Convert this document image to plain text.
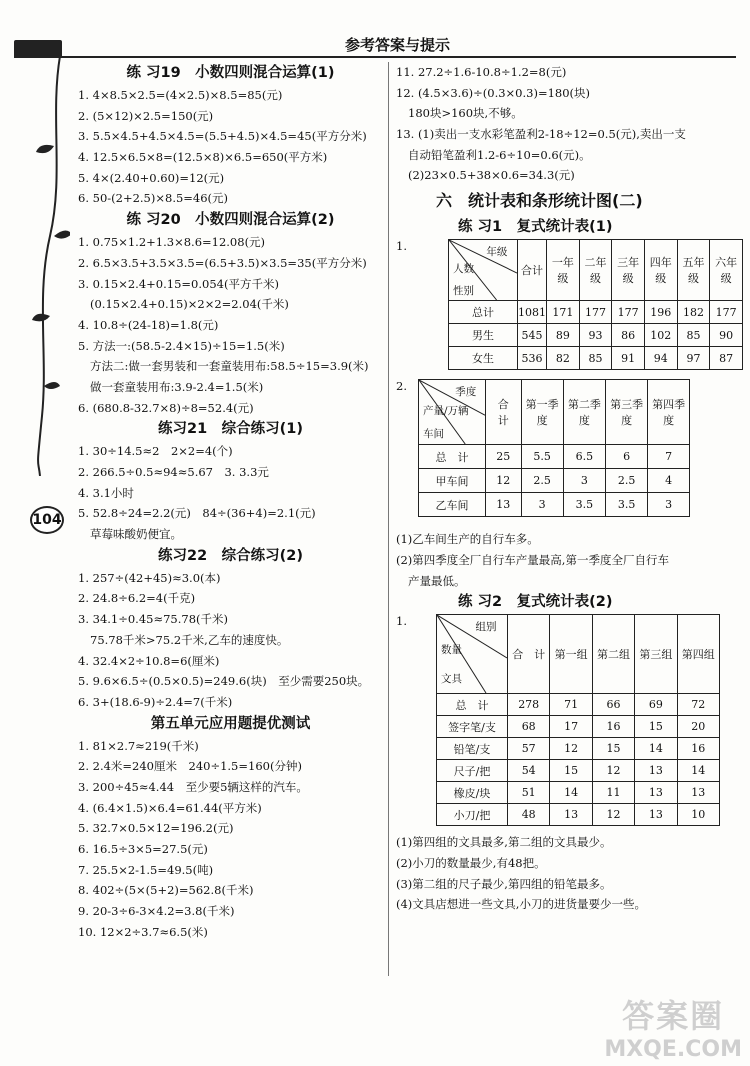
参考答案与提示
104
练 习19　小数四则混合运算(1)
1. 4×8.5×2.5=(4×2.5)×8.5=85(元)
2. (5×12)×2.5=150(元)
3. 5.5×4.5+4.5×4.5=(5.5+4.5)×4.5=45(平方分米)
4. 12.5×6.5×8=(12.5×8)×6.5=650(平方米)
5. 4×(2.40+0.60)=12(元)
6. 50-(2+2.5)×8.5=46(元)
练 习20　小数四则混合运算(2)
1. 0.75×1.2+1.3×8.6=12.08(元)
2. 6.5×3.5+3.5×3.5=(6.5+3.5)×3.5=35(平方分米)
3. 0.15×2.4+0.15=0.054(平方千米)
(0.15×2.4+0.15)×2×2=2.04(千米)
4. 10.8÷(24-18)=1.8(元)
5. 方法一:(58.5-2.4×15)÷15=1.5(米)
方法二:做一套男装和一套童装用布:58.5÷15=3.9(米)
做一套童装用布:3.9-2.4=1.5(米)
6. (680.8-32.7×8)÷8=52.4(元)
练习21　综合练习(1)
1. 30÷14.5≈2　2×2=4(个)
2. 266.5÷0.5≈94≈5.67　3. 3.3元
4. 3.1小时
5. 52.8÷24=2.2(元)　84÷(36+4)=2.1(元)
草莓味酸奶便宜。
练习22　综合练习(2)
1. 257÷(42+45)≈3.0(本)
2. 24.8÷6.2=4(千克)
3. 34.1÷0.45≈75.78(千米)
75.78千米>75.2千米,乙车的速度快。
4. 32.4×2÷10.8=6(厘米)
5. 9.6×6.5÷(0.5×0.5)=249.6(块)　至少需要250块。
6. 3+(18.6-9)÷2.4=7(千米)
第五单元应用题提优测试
1. 81×2.7≈219(千米)
2. 2.4米=240厘米　240÷1.5=160(分钟)
3. 200÷45≈4.44　至少要5辆这样的汽车。
4. (6.4×1.5)×6.4=61.44(平方米)
5. 32.7×0.5×12=196.2(元)
6. 16.5÷3×5=27.5(元)
7. 25.5×2-1.5=49.5(吨)
8. 402÷(5×(5+2)=562.8(千米)
9. 20-3÷6-3×4.2=3.8(千米)
10. 12×2÷3.7≈6.5(米)
11. 27.2÷1.6-10.8÷1.2=8(元)
12. (4.5×3.6)÷(0.3×0.3)=180(块)
180块>160块,不够。
13. (1)卖出一支水彩笔盈利2-18÷12=0.5(元),卖出一支
自动铅笔盈利1.2-6÷10=0.6(元)。
(2)23×0.5+38×0.6=34.3(元)
六　统计表和条形统计图(二)
练 习1　复式统计表(1)
1.	年级
人数
性别	合计	一年级	二年级	三年级	四年级	五年级	六年级
总计	1081	171	177	177	196	182	177
男生	545	89	93	86	102	85	90
女生	536	82	85	91	94	97	87
2.	季度
产量/万辆
车间	合　计	第一季度	第二季度	第三季度	第四季度
总　计	25	5.5	6.5	6	7
甲车间	12	2.5	3	2.5	4
乙车间	13	3	3.5	3.5	3
(1)乙车间生产的自行车多。
(2)第四季度全厂自行车产量最高,第一季度全厂自行车
产量最低。
练 习2　复式统计表(2)
1.	组别
数量
文具	合　计	第一组	第二组	第三组	第四组
总　计	278	71	66	69	72
签字笔/支	68	17	16	15	20
铅笔/支	57	12	15	14	16
尺子/把	54	15	12	13	14
橡皮/块	51	14	11	13	13
小刀/把	48	13	12	13	10
(1)第四组的文具最多,第二组的文具最少。
(2)小刀的数量最少,有48把。
(3)第二组的尺子最少,第四组的铅笔最多。
(4)文具店想进一些文具,小刀的进货量要少一些。
答案圈
MXQE.COM
